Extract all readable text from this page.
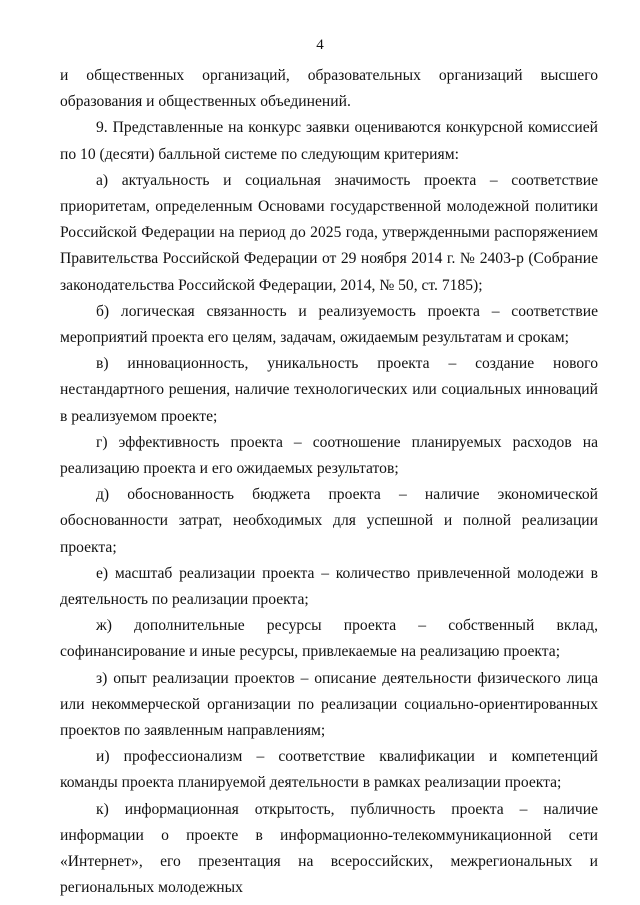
4

и общественных организаций, образовательных организаций высшего образования и общественных объединений.

9. Представленные на конкурс заявки оцениваются конкурсной комиссией по 10 (десяти) балльной системе по следующим критериям:

а) актуальность и социальная значимость проекта – соответствие приоритетам, определенным Основами государственной молодежной политики Российской Федерации на период до 2025 года, утвержденными распоряжением Правительства Российской Федерации от 29 ноября 2014 г. № 2403-р (Собрание законодательства Российской Федерации, 2014, № 50, ст. 7185);

б) логическая связанность и реализуемость проекта – соответствие мероприятий проекта его целям, задачам, ожидаемым результатам и срокам;

в) инновационность, уникальность проекта – создание нового нестандартного решения, наличие технологических или социальных инноваций в реализуемом проекте;

г) эффективность проекта – соотношение планируемых расходов на реализацию проекта и его ожидаемых результатов;

д) обоснованность бюджета проекта – наличие экономической обоснованности затрат, необходимых для успешной и полной реализации проекта;

е) масштаб реализации проекта – количество привлеченной молодежи в деятельность по реализации проекта;

ж) дополнительные ресурсы проекта – собственный вклад, софинансирование и иные ресурсы, привлекаемые на реализацию проекта;

з) опыт реализации проектов – описание деятельности физического лица или некоммерческой организации по реализации социально-ориентированных проектов по заявленным направлениям;

и) профессионализм – соответствие квалификации и компетенций команды проекта планируемой деятельности в рамках реализации проекта;

к) информационная открытость, публичность проекта – наличие информации о проекте в информационно-телекоммуникационной сети «Интернет», его презентация на всероссийских, межрегиональных и региональных молодежных
